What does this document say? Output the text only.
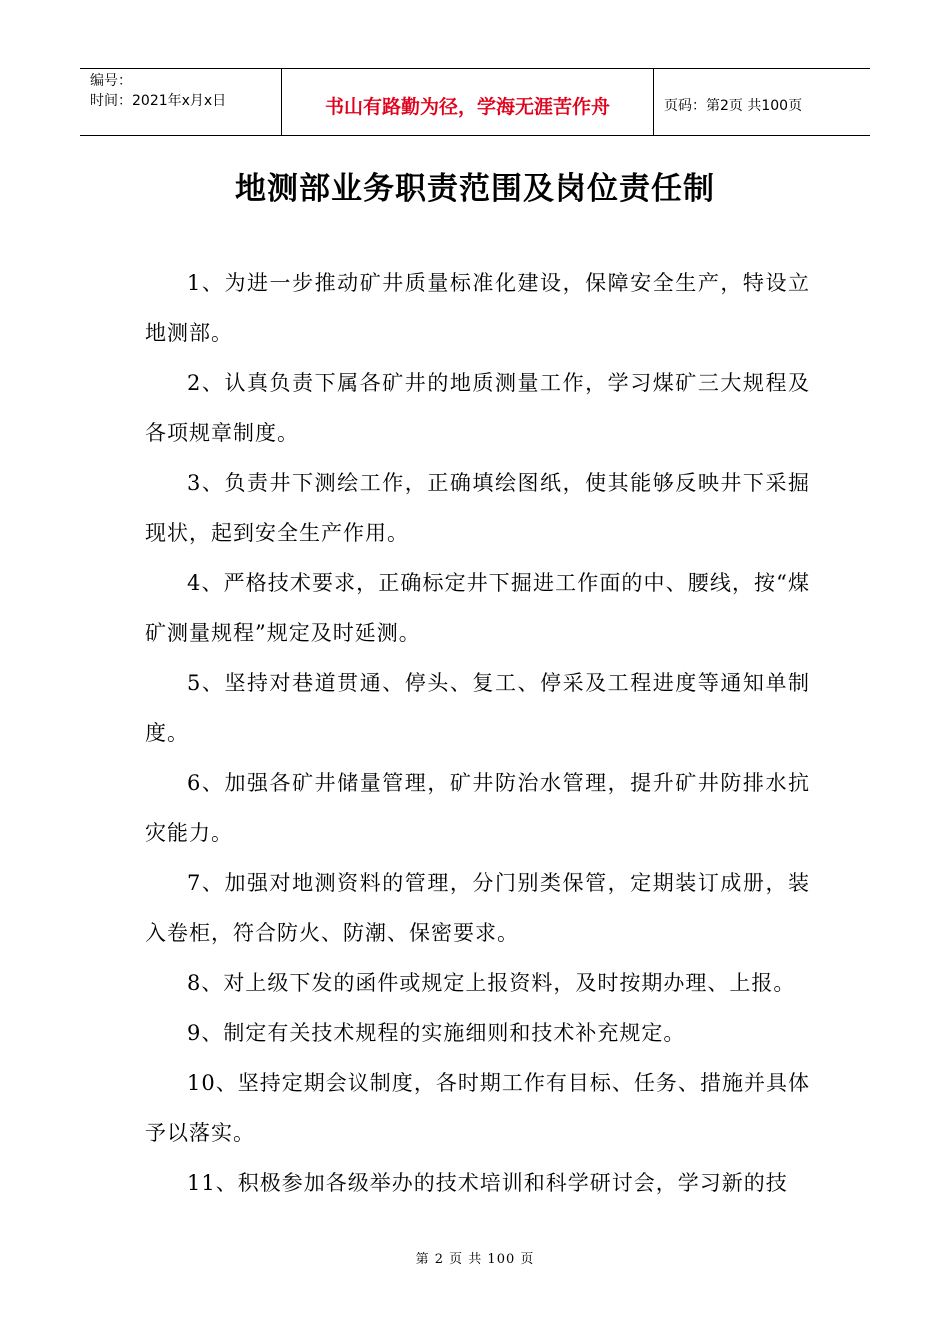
编号：
时间：2021年x月x日	书山有路勤为径，学海无涯苦作舟	页码：第2页 共100页
地测部业务职责范围及岗位责任制

1、为进一步推动矿井质量标准化建设，保障安全生产，特设立地测部。

2、认真负责下属各矿井的地质测量工作，学习煤矿三大规程及各项规章制度。

3、负责井下测绘工作，正确填绘图纸，使其能够反映井下采掘现状，起到安全生产作用。

4、严格技术要求，正确标定井下掘进工作面的中、腰线，按“煤矿测量规程”规定及时延测。

5、坚持对巷道贯通、停头、复工、停采及工程进度等通知单制度。

6、加强各矿井储量管理，矿井防治水管理，提升矿井防排水抗灾能力。

7、加强对地测资料的管理，分门别类保管，定期装订成册，装入卷柜，符合防火、防潮、保密要求。

8、对上级下发的函件或规定上报资料，及时按期办理、上报。

9、制定有关技术规程的实施细则和技术补充规定。

10、坚持定期会议制度，各时期工作有目标、任务、措施并具体予以落实。

11、积极参加各级举办的技术培训和科学研讨会，学习新的技

第 2 页 共 100 页
